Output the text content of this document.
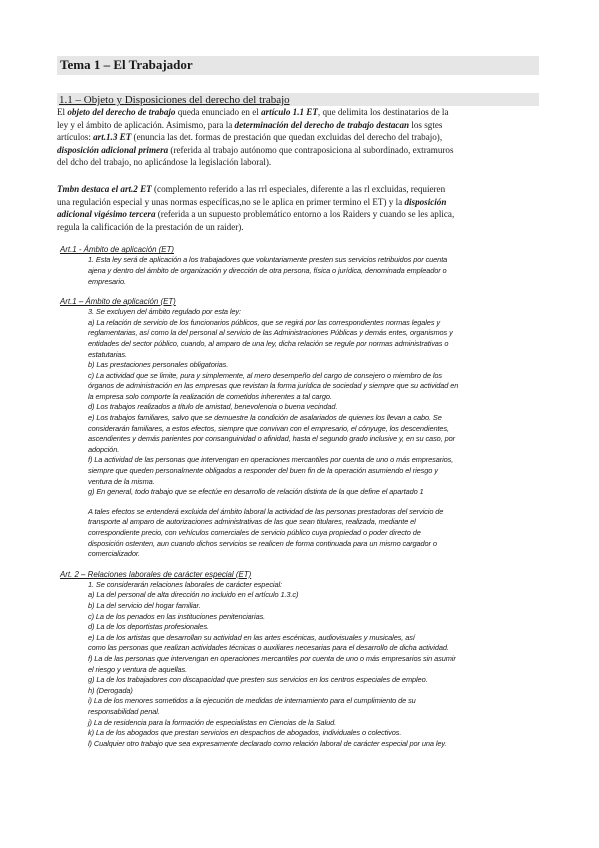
Tema 1 – El Trabajador
1.1 – Objeto y Disposiciones del derecho del trabajo
El objeto del derecho de trabajo queda enunciado en el artículo 1.1 ET, que delimita los destinatarios de la
ley y el ámbito de aplicación. Asimismo, para la determinación del derecho de trabajo destacan los sgtes
artículos: art.1.3 ET (enuncia las det. formas de prestación que quedan excluidas del derecho del trabajo),
disposición adicional primera (referida al trabajo autónomo que contraposiciona al subordinado, extramuros
del dcho del trabajo, no aplicándose la legislación laboral).
Tmbn destaca el art.2 ET (complemento referido a las rrl especiales, diferente a las rl excluidas, requieren
una regulación especial y unas normas específicas,no se le aplica en primer termino el ET) y la disposición
adicional vigésimo tercera (referida a un supuesto problemático entorno a los Raiders y cuando se les aplica,
regula la calificación de la prestación de un raider).
Art.1 - Ámbito de aplicación (ET)
1. Esta ley será de aplicación a los trabajadores que voluntariamente presten sus servicios retribuidos por cuenta
ajena y dentro del ámbito de organización y dirección de otra persona, física o jurídica, denominada empleador o
empresario.
Art.1 – Ámbito de aplicación (ET)
3. Se excluyen del ámbito regulado por esta ley:
a) La relación de servicio de los funcionarios públicos, que se regirá por las correspondientes normas legales y
reglamentarias, así como la del personal al servicio de las Administraciones Públicas y demás entes, organismos y
entidades del sector público, cuando, al amparo de una ley, dicha relación se regule por normas administrativas o
estatutarias.
b) Las prestaciones personales obligatorias.
c) La actividad que se limite, pura y simplemente, al mero desempeño del cargo de consejero o miembro de los
órganos de administración en las empresas que revistan la forma jurídica de sociedad y siempre que su actividad en
la empresa solo comporte la realización de cometidos inherentes a tal cargo.
d) Los trabajos realizados a título de amistad, benevolencia o buena vecindad.
e) Los trabajos familiares, salvo que se demuestre la condición de asalariados de quienes los llevan a cabo. Se
considerarán familiares, a estos efectos, siempre que convivan con el empresario, el cónyuge, los descendientes,
ascendientes y demás parientes por consanguinidad o afinidad, hasta el segundo grado inclusive y, en su caso, por
adopción.
f) La actividad de las personas que intervengan en operaciones mercantiles por cuenta de uno o más empresarios,
siempre que queden personalmente obligados a responder del buen fin de la operación asumiendo el riesgo y
ventura de la misma.
g) En general, todo trabajo que se efectúe en desarrollo de relación distinta de la que define el apartado 1
A tales efectos se entenderá excluida del ámbito laboral la actividad de las personas prestadoras del servicio de
transporte al amparo de autorizaciones administrativas de las que sean titulares, realizada, mediante el
correspondiente precio, con vehículos comerciales de servicio público cuya propiedad o poder directo de
disposición ostenten, aun cuando dichos servicios se realicen de forma continuada para un mismo cargador o
comercializador.
Art. 2 – Relaciones laborales de carácter especial (ET)
1. Se considerarán relaciones laborales de carácter especial:
a) La del personal de alta dirección no incluido en el artículo 1.3.c)
b) La del servicio del hogar familiar.
c) La de los penados en las instituciones penitenciarias.
d) La de los deportistas profesionales.
e) La de los artistas que desarrollan su actividad en las artes escénicas, audiovisuales y musicales, así
como las personas que realizan actividades técnicas o auxiliares necesarias para el desarrollo de dicha actividad.
f) La de las personas que intervengan en operaciones mercantiles por cuenta de uno o más empresarios sin asumir
el riesgo y ventura de aquellas.
g) La de los trabajadores con discapacidad que presten sus servicios en los centros especiales de empleo.
h) (Derogada)
i) La de los menores sometidos a la ejecución de medidas de internamiento para el cumplimiento de su
responsabilidad penal.
j) La de residencia para la formación de especialistas en Ciencias de la Salud.
k) La de los abogados que prestan servicios en despachos de abogados, individuales o colectivos.
l) Cualquier otro trabajo que sea expresamente declarado como relación laboral de carácter especial por una ley.
